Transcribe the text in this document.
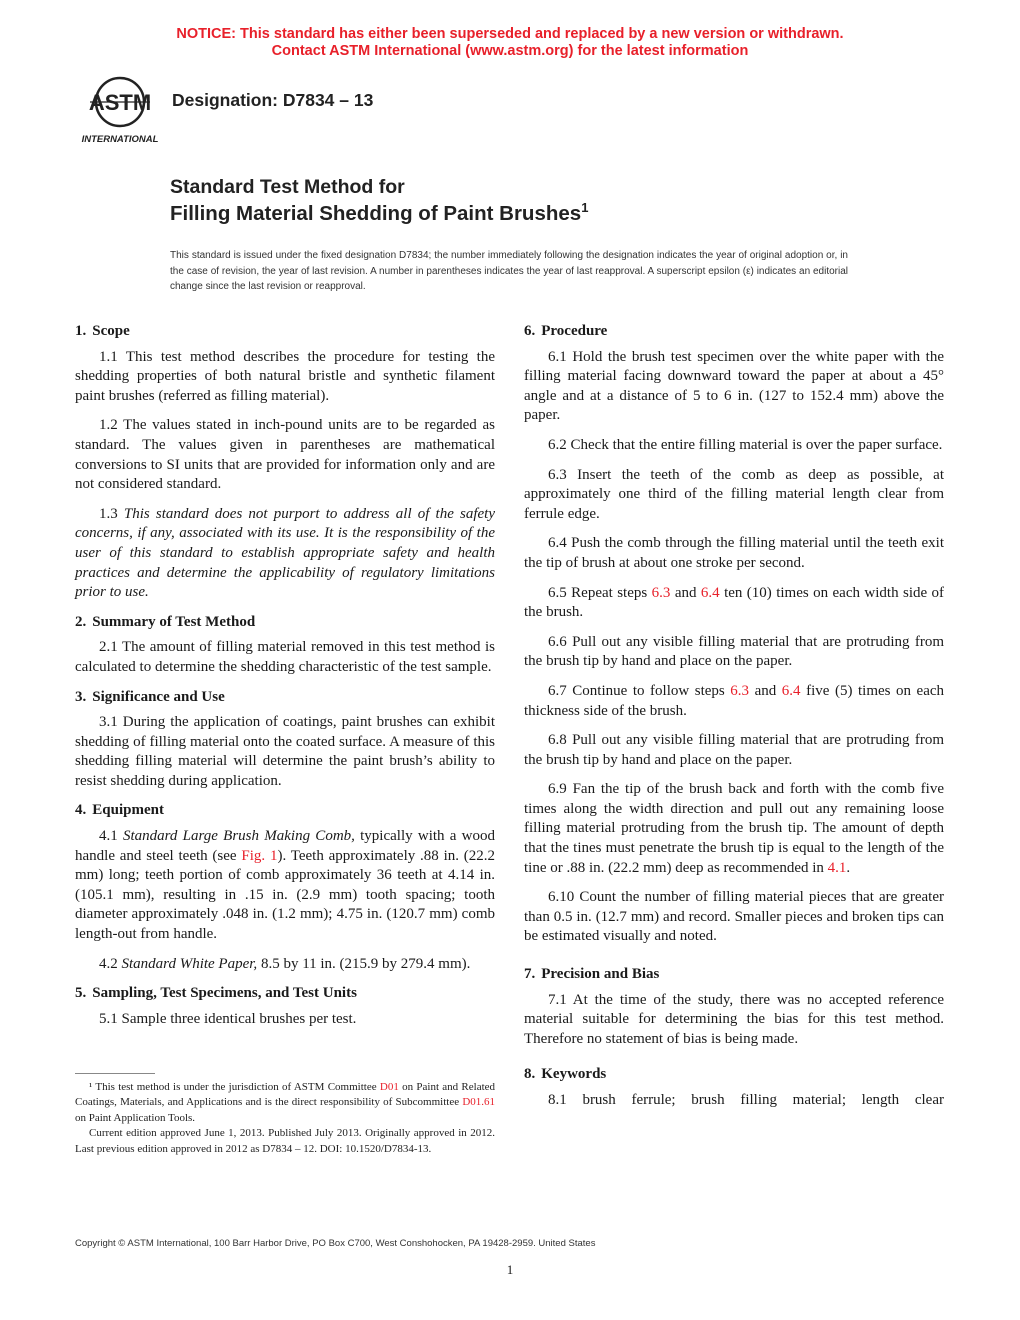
NOTICE: This standard has either been superseded and replaced by a new version or withdrawn.
Contact ASTM International (www.astm.org) for the latest information
ASTM
INTERNATIONAL
Designation: D7834 – 13
Standard Test Method for
Filling Material Shedding of Paint Brushes$^1$
This standard is issued under the fixed designation D7834; the number immediately following the designation indicates the year of original adoption or, in the case of revision, the year of last revision. A number in parentheses indicates the year of last reapproval. A superscript epsilon (ε) indicates an editorial change since the last revision or reapproval.
1. Scope

1.1 This test method describes the procedure for testing the shedding properties of both natural bristle and synthetic filament paint brushes (referred as filling material).

1.2 The values stated in inch-pound units are to be regarded as standard. The values given in parentheses are mathematical conversions to SI units that are provided for information only and are not considered standard.

1.3 This standard does not purport to address all of the safety concerns, if any, associated with its use. It is the responsibility of the user of this standard to establish appropriate safety and health practices and determine the applicability of regulatory limitations prior to use.

2. Summary of Test Method

2.1 The amount of filling material removed in this test method is calculated to determine the shedding characteristic of the test sample.

3. Significance and Use

3.1 During the application of coatings, paint brushes can exhibit shedding of filling material onto the coated surface. A measure of this shedding filling material will determine the paint brush’s ability to resist shedding during application.

4. Equipment

4.1 Standard Large Brush Making Comb, typically with a wood handle and steel teeth (see Fig. 1). Teeth approximately .88 in. (22.2 mm) long; teeth portion of comb approximately 36 teeth at 4.14 in. (105.1 mm), resulting in .15 in. (2.9 mm) tooth spacing; tooth diameter approximately .048 in. (1.2 mm); 4.75 in. (120.7 mm) comb length-out from handle.

4.2 Standard White Paper, 8.5 by 11 in. (215.9 by 279.4 mm).

5. Sampling, Test Specimens, and Test Units

5.1 Sample three identical brushes per test.

¹ This test method is under the jurisdiction of ASTM Committee D01 on Paint and Related Coatings, Materials, and Applications and is the direct responsibility of Subcommittee D01.61 on Paint Application Tools.

Current edition approved June 1, 2013. Published July 2013. Originally approved in 2012. Last previous edition approved in 2012 as D7834 – 12. DOI: 10.1520/D7834-13.

6. Procedure

6.1 Hold the brush test specimen over the white paper with the filling material facing downward toward the paper at about a 45° angle and at a distance of 5 to 6 in. (127 to 152.4 mm) above the paper.

6.2 Check that the entire filling material is over the paper surface.

6.3 Insert the teeth of the comb as deep as possible, at approximately one third of the filling material length clear from ferrule edge.

6.4 Push the comb through the filling material until the teeth exit the tip of brush at about one stroke per second.

6.5 Repeat steps 6.3 and 6.4 ten (10) times on each width side of the brush.

6.6 Pull out any visible filling material that are protruding from the brush tip by hand and place on the paper.

6.7 Continue to follow steps 6.3 and 6.4 five (5) times on each thickness side of the brush.

6.8 Pull out any visible filling material that are protruding from the brush tip by hand and place on the paper.

6.9 Fan the tip of the brush back and forth with the comb five times along the width direction and pull out any remaining loose filling material protruding from the brush tip. The amount of depth that the tines must penetrate the brush tip is equal to the length of the tine or .88 in. (22.2 mm) deep as recommended in 4.1.

6.10 Count the number of filling material pieces that are greater than 0.5 in. (12.7 mm) and record. Smaller pieces and broken tips can be estimated visually and noted.

7. Precision and Bias

7.1 At the time of the study, there was no accepted reference material suitable for determining the bias for this test method. Therefore no statement of bias is being made.

8. Keywords

8.1 brush ferrule; brush filling material; length clear

Copyright © ASTM International, 100 Barr Harbor Drive, PO Box C700, West Conshohocken, PA 19428-2959. United States
1
